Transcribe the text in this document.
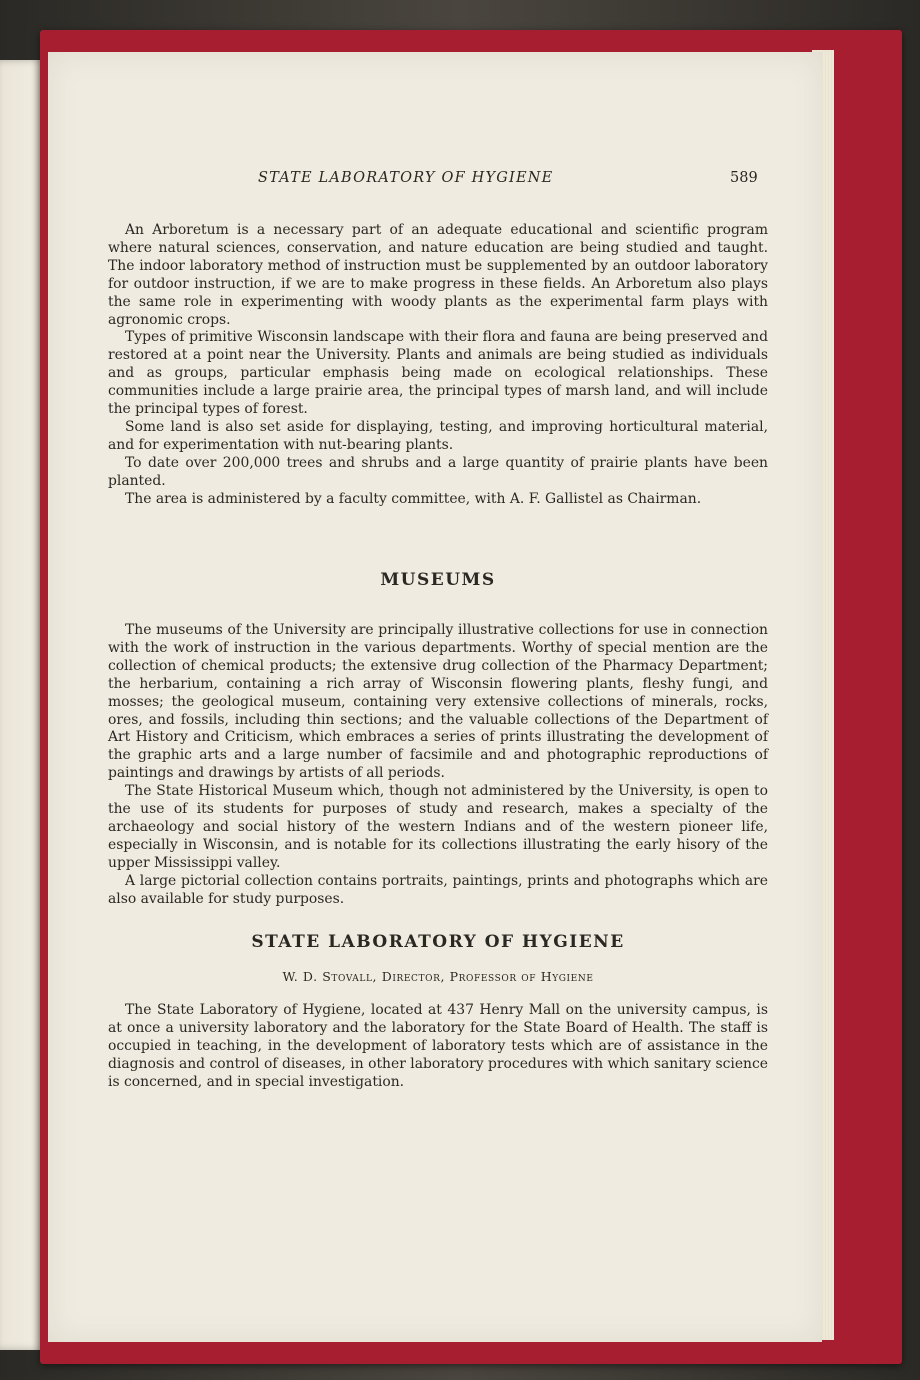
STATE LABORATORY OF HYGIENE	589

An Arboretum is a necessary part of an adequate educational and scientific program where natural sciences, conservation, and nature education are being studied and taught. The indoor laboratory method of instruction must be supplemented by an outdoor laboratory for outdoor instruction, if we are to make progress in these fields. An Arboretum also plays the same role in experimenting with woody plants as the experimental farm plays with agronomic crops.

Types of primitive Wisconsin landscape with their flora and fauna are being preserved and restored at a point near the University. Plants and animals are being studied as individuals and as groups, particular emphasis being made on ecological relationships. These communities include a large prairie area, the principal types of marsh land, and will include the principal types of forest.

Some land is also set aside for displaying, testing, and improving horticultural material, and for experimentation with nut-bearing plants.

To date over 200,000 trees and shrubs and a large quantity of prairie plants have been planted.

The area is administered by a faculty committee, with A. F. Gallistel as Chairman.

MUSEUMS

The museums of the University are principally illustrative collections for use in connection with the work of instruction in the various departments. Worthy of special mention are the collection of chemical products; the extensive drug collection of the Pharmacy Department; the herbarium, containing a rich array of Wisconsin flowering plants, fleshy fungi, and mosses; the geological museum, containing very extensive collections of minerals, rocks, ores, and fossils, including thin sections; and the valuable collections of the Department of Art History and Criticism, which embraces a series of prints illustrating the development of the graphic arts and a large number of facsimile and and photographic reproductions of paintings and drawings by artists of all periods.

The State Historical Museum which, though not administered by the University, is open to the use of its students for purposes of study and research, makes a specialty of the archaeology and social history of the western Indians and of the western pioneer life, especially in Wisconsin, and is notable for its collections illustrating the early hisory of the upper Mississippi valley.

A large pictorial collection contains portraits, paintings, prints and photographs which are also available for study purposes.

STATE LABORATORY OF HYGIENE

W. D. Stovall, Director, Professor of Hygiene

The State Laboratory of Hygiene, located at 437 Henry Mall on the university campus, is at once a university laboratory and the laboratory for the State Board of Health. The staff is occupied in teaching, in the development of laboratory tests which are of assistance in the diagnosis and control of diseases, in other laboratory procedures with which sanitary science is concerned, and in special investigation.
